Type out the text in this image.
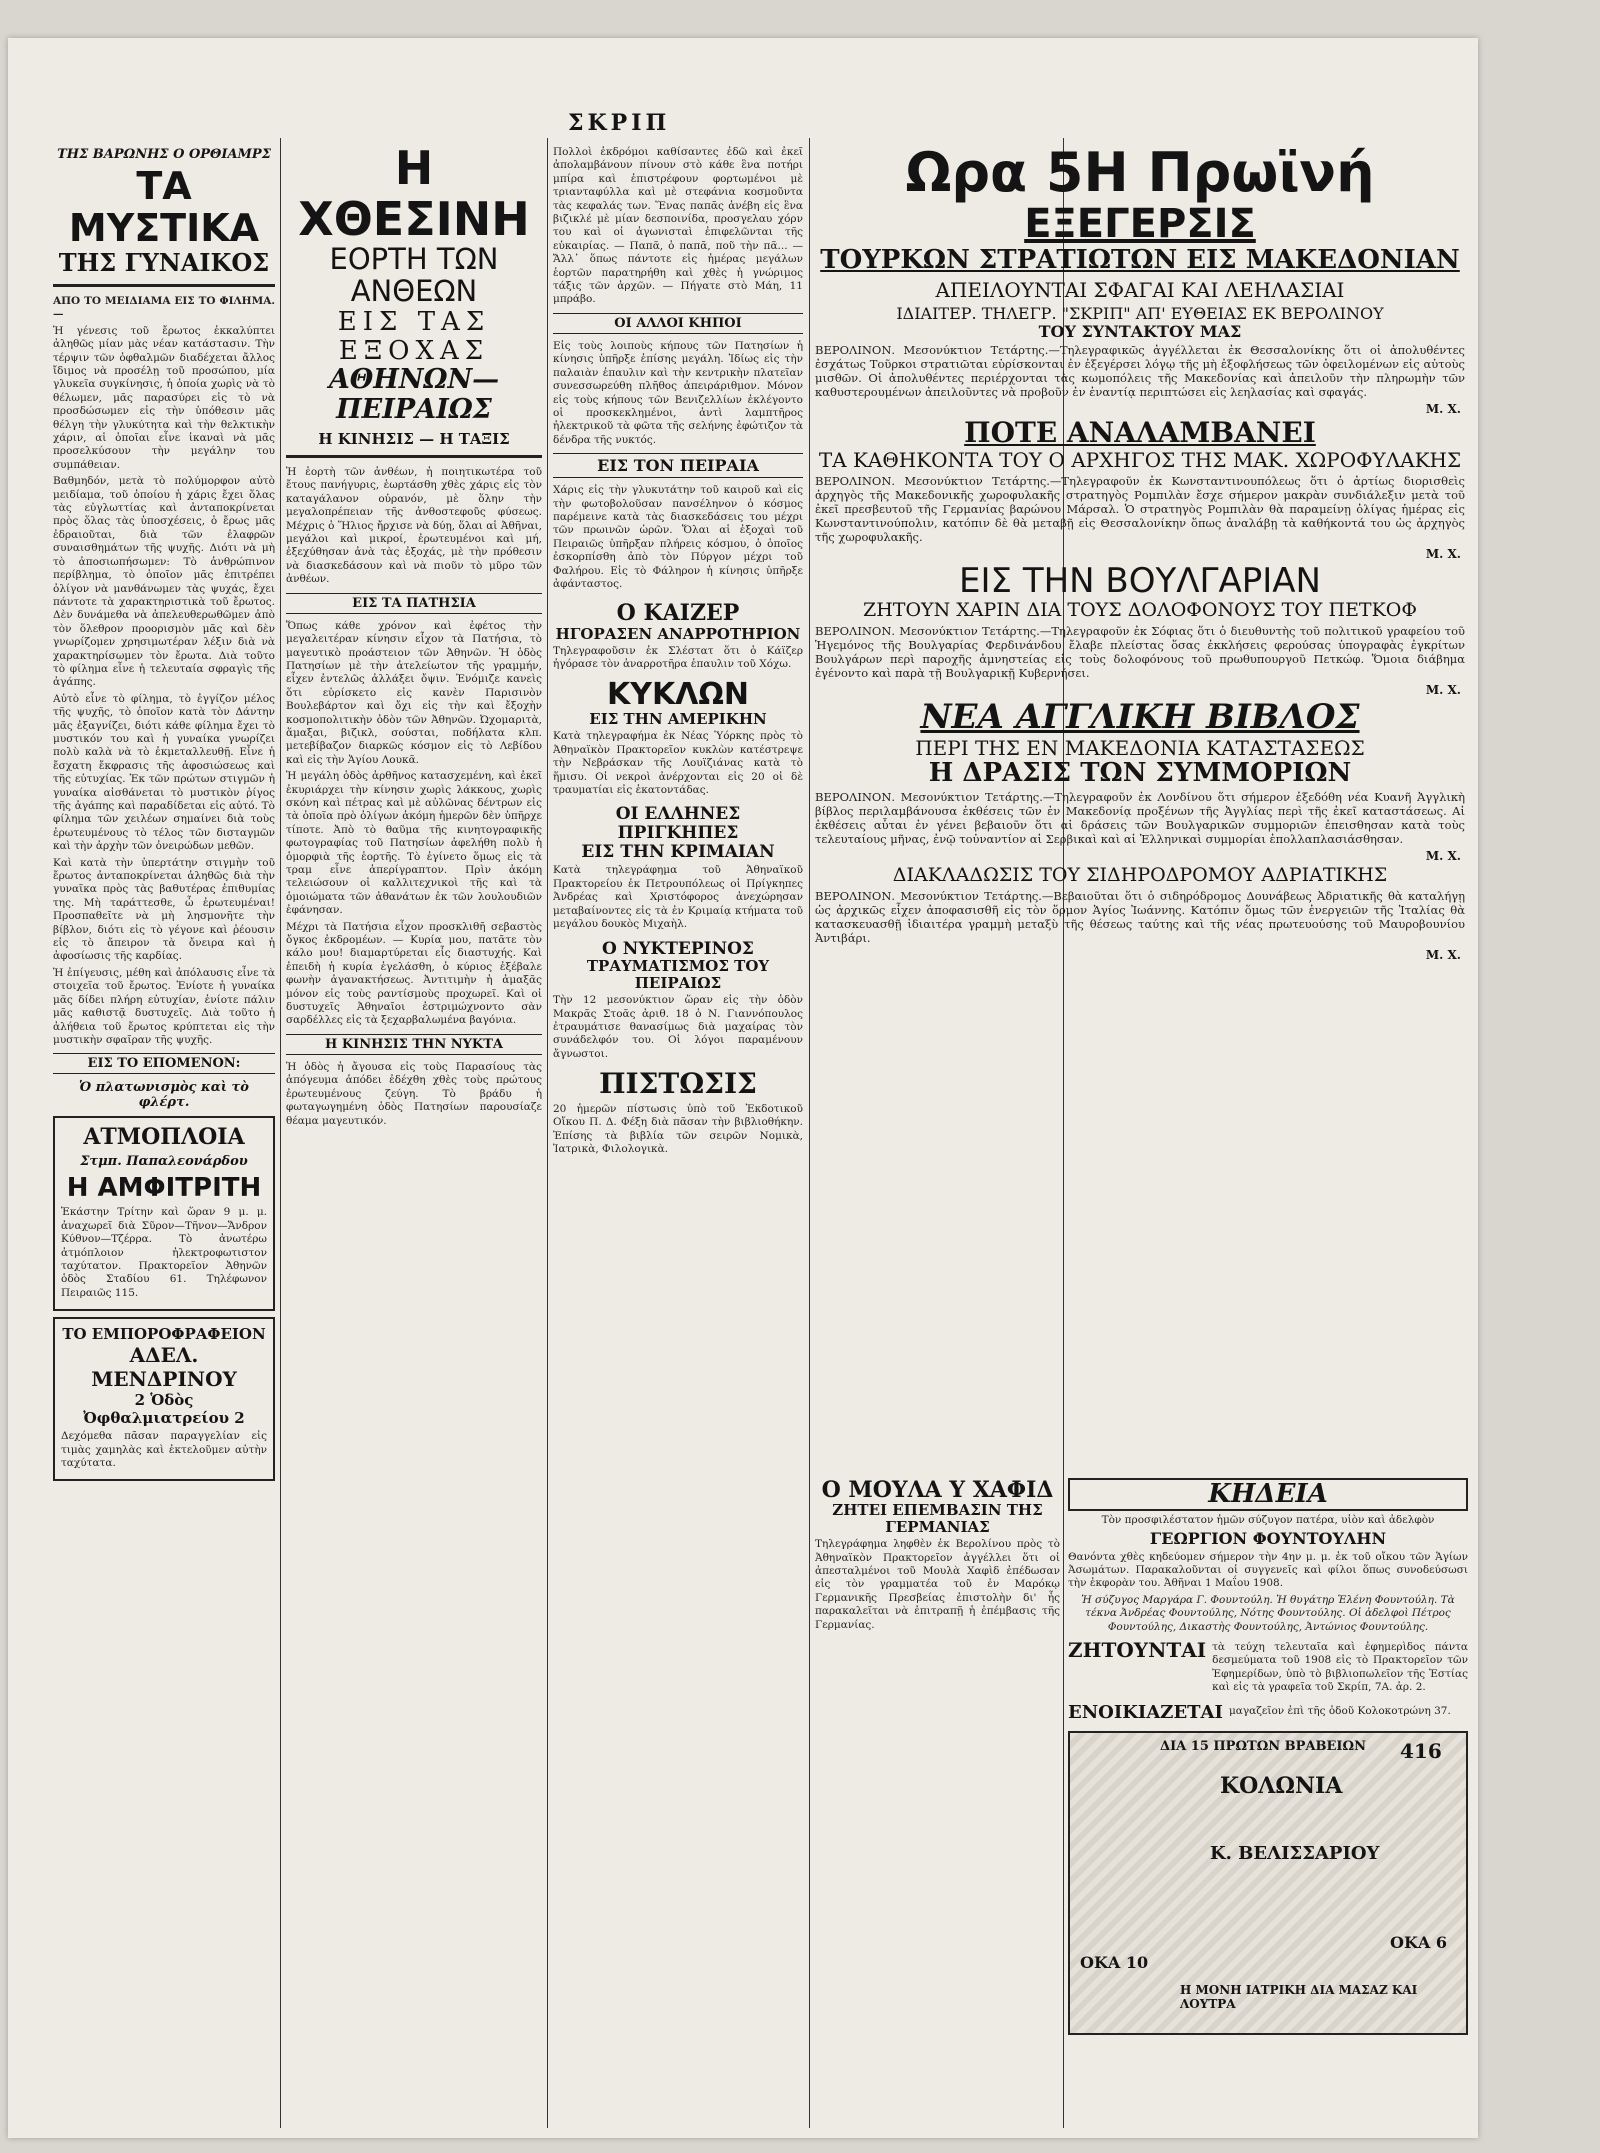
ΣΚΡΙΠ
ΤΗΣ ΒΑΡΩΝΗΣ Ο ΟΡΘΙΑΜΡΣ
ΤΑ ΜΥΣΤΙΚΑ
ΤΗΣ ΓΥΝΑΙΚΟΣ
ΑΠΟ ΤΟ ΜΕΙΔΙΑΜΑ ΕΙΣ ΤΟ ΦΙΛΗΜΑ.—
Ἡ γένεσις τοῦ ἔρωτος ἐκκαλύπτει ἀληθῶς μίαν μὰς νέαν κατάστασιν. Τὴν τέρψιν τῶν ὀφθαλμῶν διαδέχεται ἄλλος ἴδιμος νὰ προσέλῃ τοῦ προσώπου, μία γλυκεῖα συγκίνησις, ἡ ὁποία χωρὶς νὰ τὸ θέλωμεν, μᾶς παρασύρει εἰς τὸ νὰ προσδώσωμεν εἰς τὴν ὑπόθεσιν μᾶς θέλγη τὴν γλυκύτητα καὶ τὴν θελκτικὴν χάριν, αἱ ὁποῖαι εἶνε ἱκαναὶ νὰ μᾶς προσελκύσουν τὴν μεγάλην του συμπάθειαν.
Βαθμηδόν, μετὰ τὸ πολύμορφον αὐτὸ μειδίαμα, τοῦ ὁποίου ἡ χάρις ἔχει ὅλας τὰς εὐγλωττίας καὶ ἀνταποκρίνεται πρὸς ὅλας τὰς ὑποσχέσεις, ὁ ἔρως μᾶς ἐδραιοῦται, διὰ τῶν ἐλαφρῶν συναισθημάτων τῆς ψυχῆς. Διότι νὰ μὴ τὸ ἀποσιωπήσωμεν: Τὸ ἀνθρώπινον περίβλημα, τὸ ὁποῖον μᾶς ἐπιτρέπει ὀλίγον νὰ μανθάνωμεν τὰς ψυχάς, ἔχει πάντοτε τὰ χαρακτηριστικὰ τοῦ ἔρωτος. Δὲν δυνάμεθα νὰ ἀπελευθερωθῶμεν ἀπὸ τὸν ὅλεθρον προορισμὸν μᾶς καὶ δὲν γνωρίζομεν χρησιμωτέραν λέξιν διὰ νὰ χαρακτηρίσωμεν τὸν ἔρωτα. Διὰ τοῦτο τὸ φίλημα εἶνε ἡ τελευταία σφραγὶς τῆς ἀγάπης.
Αὐτὸ εἶνε τὸ φίλημα, τὸ ἐγγίζον μέλος τῆς ψυχῆς, τὸ ὁποῖον κατὰ τὸν Δάντην μᾶς ἐξαγνίζει, διότι κάθε φίλημα ἔχει τὸ μυστικόν του καὶ ἡ γυναίκα γνωρίζει πολὺ καλὰ νὰ τὸ ἐκμεταλλευθῇ. Εἶνε ἡ ἔσχατη ἔκφρασις τῆς ἀφοσιώσεως καὶ τῆς εὐτυχίας. Ἐκ τῶν πρώτων στιγμῶν ἡ γυναίκα αἰσθάνεται τὸ μυστικὸν ῥίγος τῆς ἀγάπης καὶ παραδίδεται εἰς αὐτό. Τὸ φίλημα τῶν χειλέων σημαίνει διὰ τοὺς ἐρωτευμένους τὸ τέλος τῶν δισταγμῶν καὶ τὴν ἀρχὴν τῶν ὀνειρώδων μεθῶν.
Καὶ κατὰ τὴν ὑπερτάτην στιγμὴν τοῦ ἔρωτος ἀνταποκρίνεται ἀληθῶς διὰ τὴν γυναῖκα πρὸς τὰς βαθυτέρας ἐπιθυμίας της. Μὴ ταράττεσθε, ὦ ἐρωτευμέναι! Προσπαθεῖτε νὰ μὴ λησμονῆτε τὴν βίβλον, διότι εἰς τὸ γέγονε καὶ ῥέουσιν εἰς τὸ ἄπειρον τὰ ὄνειρα καὶ ἡ ἀφοσίωσις τῆς καρδίας.
Ἡ ἐπίγευσις, μέθη καὶ ἀπόλαυσις εἶνε τὰ στοιχεῖα τοῦ ἔρωτος. Ἐνίοτε ἡ γυναίκα μᾶς δίδει πλήρη εὐτυχίαν, ἐνίοτε πάλιν μᾶς καθιστᾷ δυστυχεῖς. Διὰ τοῦτο ἡ ἀλήθεια τοῦ ἔρωτος κρύπτεται εἰς τὴν μυστικὴν σφαῖραν τῆς ψυχῆς.
ΕΙΣ ΤΟ ΕΠΟΜΕΝΟΝ:
Ὁ πλατωνισμὸς καὶ τὸ φλέρτ.
ΑΤΜΟΠΛΟΙΑ
Στμπ. Παπαλεονάρδου
Η ΑΜΦΙΤΡΙΤΗ
Ἑκάστην Τρίτην καὶ ὥραν 9 μ. μ. ἀναχωρεῖ διὰ Σῦρον—Τῆνον—Ἄνδρον Κύθνον—Τζέρρα. Τὸ ἀνωτέρω ἀτμόπλοιον ἠλεκτροφωτιστον ταχύτατον. Πρακτορεῖον Ἀθηνῶν ὁδὸς Σταδίου 61. Τηλέφωνον Πειραιῶς 115.
ΤΟ ΕΜΠΟΡΟΦΡΑΦΕΙΟΝ
ΑΔΕΛ. ΜΕΝΔΡΙΝΟΥ
2 Ὁδὸς Ὀφθαλμιατρείου 2
Δεχόμεθα πᾶσαν παραγγελίαν εἰς τιμὰς χαμηλὰς καὶ ἐκτελοῦμεν αὐτὴν ταχύτατα.
Η ΧΘΕΣΙΝΗ
ΕΟΡΤΗ ΤΩΝ ΑΝΘΕΩΝ
ΕΙΣ ΤΑΣ ΕΞΟΧΑΣ
ΑΘΗΝΩΝ—ΠΕΙΡΑΙΩΣ
Η ΚΙΝΗΣΙΣ — Η ΤΑΞΙΣ
Ἡ ἑορτὴ τῶν ἀνθέων, ἡ ποιητικωτέρα τοῦ ἔτους πανήγυρις, ἑωρτάσθη χθὲς χάρις εἰς τὸν καταγάλανον οὐρανόν, μὲ ὅλην τὴν μεγαλοπρέπειαν τῆς ἀνθοστεφοῦς φύσεως. Μέχρις ὁ Ἥλιος ἤρχισε νὰ δύῃ, ὅλαι αἱ Ἀθῆναι, μεγάλοι καὶ μικροί, ἐρωτευμένοι καὶ μή, ἐξεχύθησαν ἀνὰ τὰς ἐξοχάς, μὲ τὴν πρόθεσιν νὰ διασκεδάσουν καὶ νὰ πιοῦν τὸ μῦρο τῶν ἀνθέων.
ΕΙΣ ΤΑ ΠΑΤΗΣΙΑ
Ὅπως κάθε χρόνον καὶ ἐφέτος τὴν μεγαλειτέραν κίνησιν εἶχον τὰ Πατήσια, τὸ μαγευτικὸ προάστειον τῶν Ἀθηνῶν. Ἡ ὁδὸς Πατησίων μὲ τὴν ἀτελείωτον τῆς γραμμήν, εἶχεν ἐντελῶς ἀλλάξει ὄψιν. Ἐνόμιζε κανεὶς ὅτι εὑρίσκετο εἰς κανὲν Παρισινὸν Βουλεβάρτον καὶ ὄχι εἰς τὴν καὶ ἔξοχὴν κοσμοπολιτικὴν ὁδὸν τῶν Ἀθηνῶν. Ὠχομαριτὰ, ἅμαξαι, βιζικλ, σούσται, ποδήλατα κλπ. μετεβίβαζον διαρκῶς κόσμον εἰς τὸ Λεβίδου καὶ εἰς τὴν Ἁγίου Λουκᾶ.
Ἡ μεγάλη ὁδὸς ἀρθῆνος κατασχεμένη, καὶ ἐκεῖ ἐκυριάρχει τὴν κίνησιν χωρὶς λάκκους, χωρὶς σκόνη καὶ πέτρας καὶ μὲ αὐλῶνας δέντρων εἰς τὰ ὁποῖα πρὸ ὀλίγων ἀκόμη ἡμερῶν δὲν ὑπῆρχε τίποτε. Ἀπὸ τὸ θαῦμα τῆς κινητογραφικῆς φωτογραφίας τοῦ Πατησίων ἀφελήθη πολὺ ἡ ὁμορφιὰ τῆς ἑορτῆς. Τὸ ἐγίνετο ὅμως εἰς τὰ τραμ εἶνε ἀπερίγραπτον. Πρὶν ἀκόμη τελειώσουν οἱ καλλιτεχνικοὶ τῆς καὶ τὰ ὁμοιώματα τῶν ἀθανάτων ἐκ τῶν λουλουδιῶν ἐφάνησαν.
Μέχρι τὰ Πατήσια εἶχον προσκλιθῆ σεβαστὸς ὄγκος ἐκδρομέων. — Κυρία μου, πατᾶτε τὸν κάλο μου! διαμαρτύρεται εἷς διαστυχής. Καὶ ἐπειδὴ ἡ κυρία ἐγελάσθη, ὁ κύριος ἐξέβαλε φωνὴν ἀγανακτήσεως. Ἀντιτιμὴν ἡ ἀμαξᾶς μόνον εἰς τοὺς ραντίσμοὺς προχωρεῖ. Καὶ οἱ δυστυχεῖς Ἀθηναῖοι ἐστριμώχνοντο σὰν σαρδέλλες εἰς τὰ ξεχαρβαλωμένα βαγόνια.
Η ΚΙΝΗΣΙΣ ΤΗΝ ΝΥΚΤΑ
Ἡ ὁδὸς ἡ ἄγουσα εἰς τοὺς Παρασίους τὰς ἀπόγευμα ἀπόδει ἐδέχθη χθὲς τοὺς πρώτους ἐρωτευμένους ζεύγη. Τὸ βράδυ ἡ φωταγωγημένη ὁδὸς Πατησίων παρουσίαζε θέαμα μαγευτικόν.
Πολλοὶ ἐκδρόμοι καθίσαντες ἐδῶ καὶ ἐκεῖ ἀπολαμβάνουν πίνουν στὸ κάθε ἓνα ποτήρι μπίρα καὶ ἐπιστρέφουν φορτωμένοι μὲ τριανταφύλλα καὶ μὲ στεφάνια κοσμοῦντα τὰς κεφαλάς των. Ἕνας παπᾶς ἀνέβη εἰς ἓνα βιζικλέ μὲ μίαν δεσποινίδα, προσγελαυ χόρν του καὶ οἱ ἀγωνισταὶ ἐπιφελῶνται τῆς εὐκαιρίας. — Παπᾶ, ὁ παπᾶ, ποῦ τὴν πᾶ... — Ἄλλ᾽ ὅπως πάντοτε εἰς ἡμέρας μεγάλων ἑορτῶν παρατηρήθη καὶ χθὲς ἡ γνώριμος τάξις τῶν ἀρχῶν. — Πήγατε στὸ Μάη, 11 μπράβο.
ΟΙ ΑΛΛΟΙ ΚΗΠΟΙ
Εἰς τοὺς λοιποὺς κήπους τῶν Πατησίων ἡ κίνησις ὑπῆρξε ἐπίσης μεγάλη. Ἰδίως εἰς τὴν παλαιὰν ἐπαυλιν καὶ τὴν κεντρικὴν πλατεῖαν συνεσσωρεύθη πλῆθος ἀπειράριθμον. Μόνον εἰς τοὺς κήπους τῶν Βενιζελλίων ἐκλέγοντο οἱ προσκεκλημένοι, ἀντὶ λαμπτῆρος ἠλεκτρικοῦ τὰ φῶτα τῆς σελήνης ἐφώτιζον τὰ δένδρα τῆς νυκτός.
ΕΙΣ ΤΟΝ ΠΕΙΡΑΙΑ
Χάρις εἰς τὴν γλυκυτάτην τοῦ καιροῦ καὶ εἰς τὴν φωτοβολοῦσαν πανσέληνον ὁ κόσμος παρέμεινε κατὰ τὰς διασκεδάσεις του μέχρι τῶν πρωινῶν ὡρῶν. Ὅλαι αἱ ἐξοχαὶ τοῦ Πειραιῶς ὑπῆρξαν πλήρεις κόσμου, ὁ ὁποῖος ἐσκορπίσθη ἀπὸ τὸν Πύργον μέχρι τοῦ Φαλήρου. Εἰς τὸ Φάληρον ἡ κίνησις ὑπῆρξε ἀφάνταστος.
Ο ΚΑΙΖΕΡ
ΗΓΟΡΑΣΕΝ ΑΝΑΡΡΟΤΗΡΙΟΝ
Τηλεγραφοῦσιν ἐκ Σλέστατ ὅτι ὁ Κάϊζερ ἠγόρασε τὸν ἀναρροτῆρα ἐπαυλιν τοῦ Χόχω.
ΚΥΚΛΩΝ
ΕΙΣ ΤΗΝ ΑΜΕΡΙΚΗΝ
Κατὰ τηλεγραφήμα ἐκ Νέας Ὑόρκης πρὸς τὸ Ἀθηναϊκὸν Πρακτορεῖον κυκλὼν κατέστρεψε τὴν Νεβράσκαν τῆς Λουϊζιάνας κατὰ τὸ ἥμισυ. Οἱ νεκροὶ ἀνέρχονται εἰς 20 οἱ δὲ τραυματίαι εἰς ἑκατοντάδας.
ΟΙ ΕΛΛΗΝΕΣ ΠΡΙΓΚΗΠΕΣ
ΕΙΣ ΤΗΝ ΚΡΙΜΑΙΑΝ
Κατὰ τηλεγράφημα τοῦ Ἀθηναϊκοῦ Πρακτορείου ἐκ Πετρουπόλεως οἱ Πρίγκηπες Ἀνδρέας καὶ Χριστόφορος ἀνεχώρησαν μεταβαίνοντες εἰς τὰ ἐν Κριμαίᾳ κτήματα τοῦ μεγάλου δουκὸς Μιχαὴλ.
Ο ΝΥΚΤΕΡΙΝΟΣ
ΤΡΑΥΜΑΤΙΣΜΟΣ ΤΟΥ ΠΕΙΡΑΙΩΣ
Τὴν 12 μεσονύκτιον ὥραν εἰς τὴν ὁδὸν Μακρᾶς Στοᾶς ἀριθ. 18 ὁ Ν. Γιαννόπουλος ἐτραυμάτισε θανασίμως διὰ μαχαίρας τὸν συνάδελφόν του. Οἱ λόγοι παραμένουν ἄγνωστοι.
ΠΙΣΤΩΣΙΣ
20 ἡμερῶν πίστωσις ὑπὸ τοῦ Ἐκδοτικοῦ Οἴκου Π. Δ. Φέξη διὰ πᾶσαν τὴν βιβλιοθήκην. Ἐπίσης τὰ βιβλία τῶν σειρῶν Νομικὰ, Ἰατρικὰ, Φιλολογικὰ.
Ωρα 5Η Πρωϊνή
ΕΞΕΓΕΡΣΙΣ
ΤΟΥΡΚΩΝ ΣΤΡΑΤΙΩΤΩΝ ΕΙΣ ΜΑΚΕΔΟΝΙΑΝ
ΑΠΕΙΛΟΥΝΤΑΙ ΣΦΑΓΑΙ ΚΑΙ ΛΕΗΛΑΣΙΑΙ
ΙΔΙΑΙΤΕΡ. ΤΗΛΕΓΡ. "ΣΚΡΙΠ" ΑΠ' ΕΥΘΕΙΑΣ ΕΚ ΒΕΡΟΛΙΝΟΥ
ΤΟΥ ΣΥΝΤΑΚΤΟΥ ΜΑΣ
ΒΕΡΟΛΙΝΟΝ. Μεσονύκτιον Τετάρτης.—Τηλεγραφικῶς ἀγγέλλεται ἐκ Θεσσαλονίκης ὅτι οἱ ἀπολυθέντες ἐσχάτως Τοῦρκοι στρατιῶται εὑρίσκονται ἐν ἐξεγέρσει λόγῳ τῆς μὴ ἐξοφλήσεως τῶν ὀφειλομένων εἰς αὐτοὺς μισθῶν. Οἱ ἀπολυθέντες περιέρχονται τὰς κωμοπόλεις τῆς Μακεδονίας καὶ ἀπειλοῦν τὴν πληρωμὴν τῶν καθυστερουμένων ἀπειλοῦντες νὰ προβοῦν ἐν ἐναντίᾳ περιπτώσει εἰς λεηλασίας καὶ σφαγάς.
Μ. Χ.
ΠΟΤΕ ΑΝΑΛΑΜΒΑΝΕΙ
ΤΑ ΚΑΘΗΚΟΝΤΑ ΤΟΥ Ο ΑΡΧΗΓΟΣ ΤΗΣ ΜΑΚ. ΧΩΡΟΦΥΛΑΚΗΣ
ΒΕΡΟΛΙΝΟΝ. Μεσονύκτιον Τετάρτης.—Τηλεγραφοῦν ἐκ Κωνσταντινουπόλεως ὅτι ὁ ἀρτίως διορισθεὶς ἀρχηγὸς τῆς Μακεδονικῆς χωροφυλακῆς στρατηγὸς Ρομπιλὰν ἔσχε σήμερον μακρὰν συνδιάλεξιν μετὰ τοῦ ἐκεῖ πρεσβευτοῦ τῆς Γερμανίας βαρώνου Μάρσαλ. Ὁ στρατηγὸς Ρομπιλὰν θὰ παραμείνῃ ὀλίγας ἡμέρας εἰς Κωνσταντινούπολιν, κατόπιν δὲ θὰ μεταβῇ εἰς Θεσσαλονίκην ὅπως ἀναλάβῃ τὰ καθήκοντά του ὡς ἀρχηγὸς τῆς χωροφυλακῆς.
Μ. Χ.
ΕΙΣ ΤΗΝ ΒΟΥΛΓΑΡΙΑΝ
ΖΗΤΟΥΝ ΧΑΡΙΝ ΔΙΑ ΤΟΥΣ ΔΟΛΟΦΟΝΟΥΣ ΤΟΥ ΠΕΤΚΟΦ
ΒΕΡΟΛΙΝΟΝ. Μεσονύκτιον Τετάρτης.—Τηλεγραφοῦν ἐκ Σόφιας ὅτι ὁ διευθυντὴς τοῦ πολιτικοῦ γραφείου τοῦ Ἡγεμόνος τῆς Βουλγαρίας Φερδινάνδου ἔλαβε πλείστας ὅσας ἐκκλήσεις φερούσας ὑπογραφὰς ἐγκρίτων Βουλγάρων περὶ παροχῆς ἀμνηστείας εἰς τοὺς δολοφόνους τοῦ πρωθυπουργοῦ Πετκώφ. Ὅμοια διάβημα ἐγένοντο καὶ παρὰ τῇ Βουλγαρικῇ Κυβερνήσει.
Μ. Χ.
ΝΕΑ ΑΓΓΛΙΚΗ ΒΙΒΛΟΣ
ΠΕΡΙ ΤΗΣ ΕΝ ΜΑΚΕΔΟΝΙΑ ΚΑΤΑΣΤΑΣΕΩΣ
Η ΔΡΑΣΙΣ ΤΩΝ ΣΥΜΜΟΡΙΩΝ
ΒΕΡΟΛΙΝΟΝ. Μεσονύκτιον Τετάρτης.—Τηλεγραφοῦν ἐκ Λονδίνου ὅτι σήμερον ἐξεδόθη νέα Κυανῆ Ἀγγλικὴ βίβλος περιλαμβάνουσα ἐκθέσεις τῶν ἐν Μακεδονίᾳ προξένων τῆς Ἀγγλίας περὶ τῆς ἐκεῖ καταστάσεως. Αἱ ἐκθέσεις αὗται ἐν γένει βεβαιοῦν ὅτι αἱ δράσεις τῶν Βουλγαρικῶν συμμοριῶν ἐπεισθησαν κατὰ τοὺς τελευταίους μῆνας, ἐνῷ τοὐναντίον αἱ Σερβικαὶ καὶ αἱ Ἑλληνικαὶ συμμορίαι ἐπολλαπλασιάσθησαν.
Μ. Χ.
ΔΙΑΚΛΑΔΩΣΙΣ ΤΟΥ ΣΙΔΗΡΟΔΡΟΜΟΥ ΑΔΡΙΑΤΙΚΗΣ
ΒΕΡΟΛΙΝΟΝ. Μεσονύκτιον Τετάρτης.—Βεβαιοῦται ὅτι ὁ σιδηρόδρομος Δουνάβεως Ἀδριατικῆς θὰ καταλήγῃ ὡς ἀρχικῶς εἶχεν ἀποφασισθῆ εἰς τὸν ὅρμον Ἁγίος Ἰωάννης. Κατόπιν ὅμως τῶν ἐνεργειῶν τῆς Ἰταλίας θὰ κατασκευασθῇ ἰδιαιτέρα γραμμὴ μεταξὺ τῆς θέσεως ταύτης καὶ τῆς νέας πρωτευούσης τοῦ Μαυροβουνίου Ἀντιβάρι.
Μ. Χ.
Ο ΜΟΥΛΑ Υ ΧΑΦΙΔ
ΖΗΤΕΙ ΕΠΕΜΒΑΣΙΝ ΤΗΣ ΓΕΡΜΑΝΙΑΣ
Τηλεγράφημα ληφθὲν ἐκ Βερολίνου πρὸς τὸ Ἀθηναϊκὸν Πρακτορεῖον ἀγγέλλει ὅτι οἱ ἀπεσταλμένοι τοῦ Μουλὰ Χαφὶδ ἐπέδωσαν εἰς τὸν γραμματέα τοῦ ἐν Μαρόκῳ Γερμανικῆς Πρεσβείας ἐπιστολὴν δι' ἧς παρακαλεῖται νὰ ἐπιτραπῇ ἡ ἐπέμβασις τῆς Γερμανίας.
ΚΗΔΕΙΑ
Τὸν προσφιλέστατον ἡμῶν σύζυγον πατέρα, υἱὸν καὶ ἀδελφὸν
ΓΕΩΡΓΙΟΝ ΦΟΥΝΤΟΥΛΗΝ
Θανόντα χθὲς κηδεύομεν σήμερον τὴν 4ην μ. μ. ἐκ τοῦ οἴκου τῶν Ἁγίων Ἀσωμάτων. Παρακαλοῦνται οἱ συγγενεῖς καὶ φίλοι ὅπως συνοδεύσωσι τὴν ἐκφορὰν του. Ἀθῆναι 1 Μαΐου 1908.
Ἡ σύζυγος Μαργάρα Γ. Φουντούλη. Ἡ θυγάτηρ Ἑλένη Φουντούλη. Τὰ τέκνα Ἀνδρέας Φουντούλης, Νότης Φουντούλης. Οἱ ἀδελφοὶ Πέτρος Φουντούλης, Δικαστὴς Φουντούλης, Ἀντώνιος Φουντούλης.
ΖΗΤΟΥΝΤΑΙ τὰ τεύχη τελευταῖα καὶ ἐφημερὶδος πάντα δεσμεύματα τοῦ 1908 εἰς τὸ Πρακτορεῖον τῶν Ἐφημερίδων, ὑπὸ τὸ βιβλιοπωλεῖον τῆς Ἑστίας καὶ εἰς τὰ γραφεῖα τοῦ Σκρίπ, 7Α. ἀρ. 2.
ΕΝΟΙΚΙΑΖΕΤΑΙ μαγαζεῖον ἐπὶ τῆς ὁδοῦ Κολοκοτρώνη 37.
ΔΙΑ 15 ΠΡΩΤΩΝ ΒΡΑΒΕΙΩΝ 416
ΚΟΛΩΝΙΑ
Κ. ΒΕΛΙΣΣΑΡΙΟΥ
ΟΚΑ 10
ΟΚΑ 6
Η ΜΟΝΗ ΙΑΤΡΙΚΗ ΔΙΑ ΜΑΣΑΖ ΚΑΙ ΛΟΥΤΡΑ
